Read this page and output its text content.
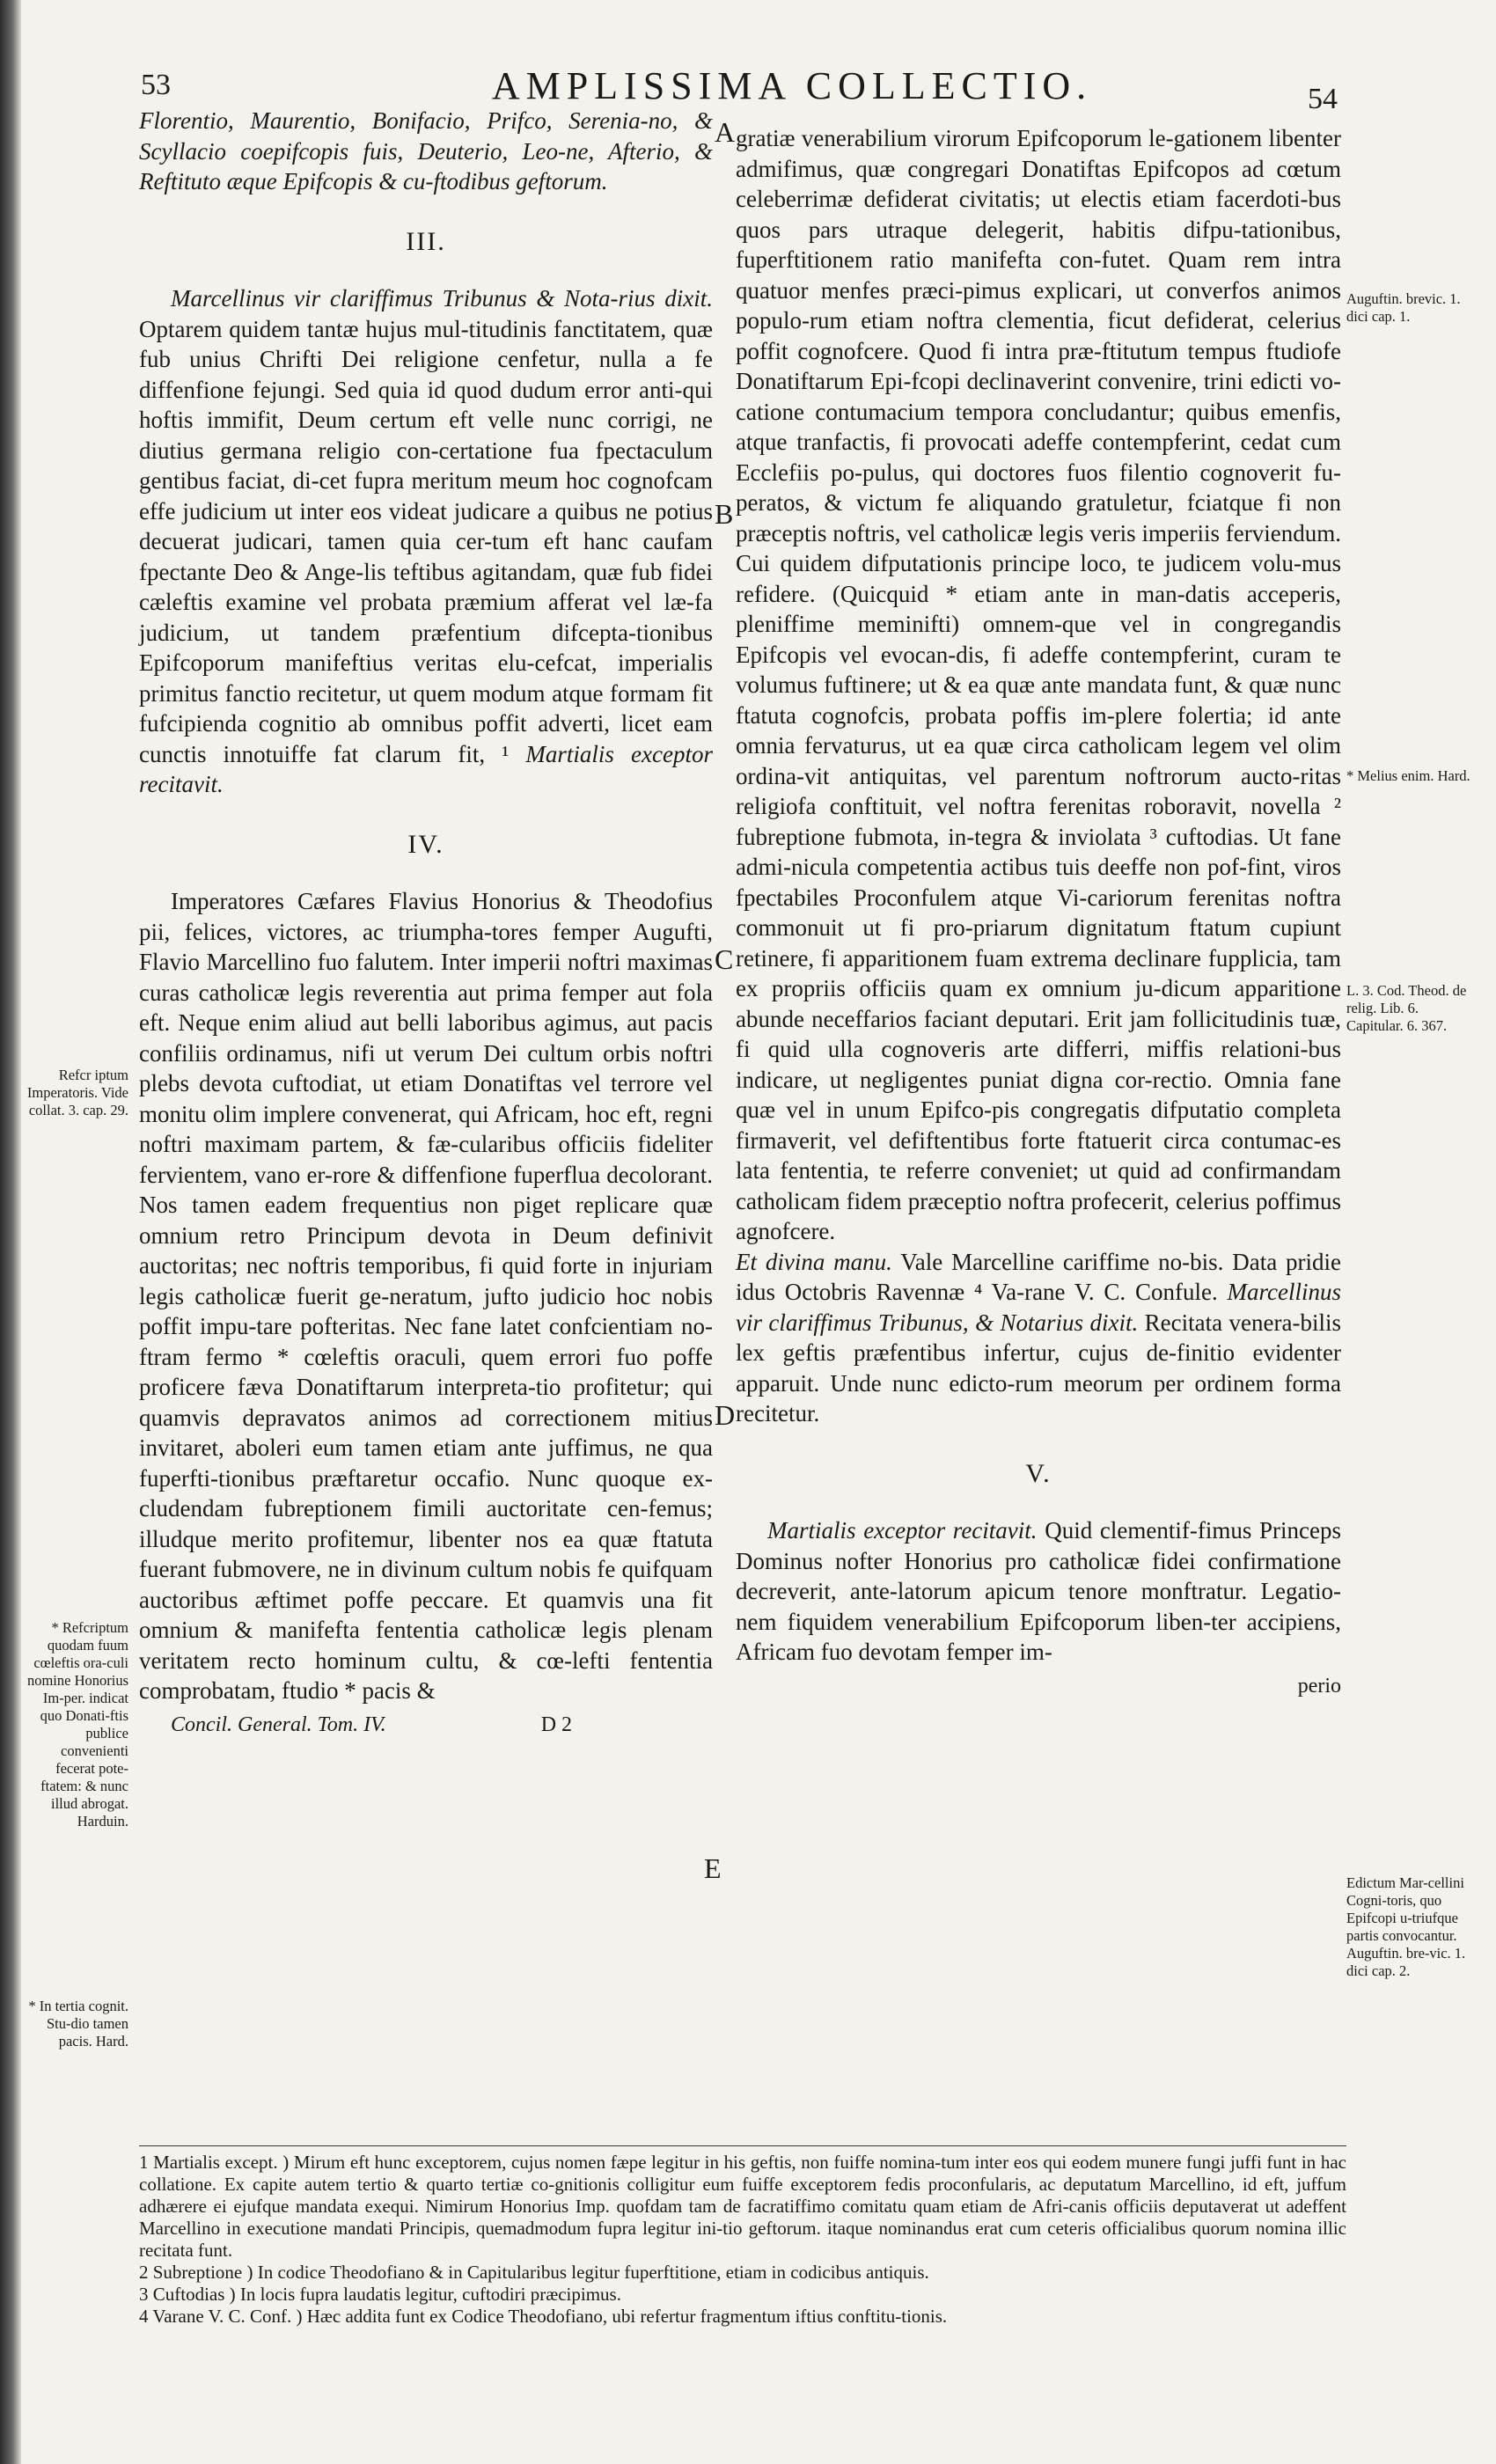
53	AMPLISSIMA COLLECTIO.	54

Florentio, Maurentio, Bonifacio, Prifco, Serenia-no, & Scyllacio coepifcopis fuis, Deuterio, Leo-ne, Afterio, & Reftituto æque Epifcopis & cu-ftodibus geftorum.

III.

Marcellinus vir clariffimus Tribunus & Nota-rius dixit. Optarem quidem tantæ hujus mul-titudinis fanctitatem, quæ fub unius Chrifti Dei religione cenfetur, nulla a fe diffenfione fejungi. Sed quia id quod dudum error anti-qui hoftis immifit, Deum certum eft velle nunc corrigi, ne diutius germana religio con-certatione fua fpectaculum gentibus faciat, di-cet fupra meritum meum hoc cognofcam effe judicium ut inter eos videat judicare a quibus ne potius decuerat judicari, tamen quia cer-tum eft hanc caufam fpectante Deo & Ange-lis teftibus agitandam, quæ fub fidei cæleftis examine vel probata præmium afferat vel læ-fa judicium, ut tandem præfentium difcepta-tionibus Epifcoporum manifeftius veritas elu-cefcat, imperialis primitus fanctio recitetur, ut quem modum atque formam fit fufcipienda cognitio ab omnibus poffit adverti, licet eam cunctis innotuiffe fat clarum fit, ¹ Martialis exceptor recitavit.

IV.

Imperatores Cæfares Flavius Honorius & Theodofius pii, felices, victores, ac triumpha-tores femper Augufti, Flavio Marcellino fuo falutem. Inter imperii noftri maximas curas catholicæ legis reverentia aut prima femper aut fola eft. Neque enim aliud aut belli laboribus agimus, aut pacis confiliis ordinamus, nifi ut verum Dei cultum orbis noftri plebs devota cuftodiat, ut etiam Donatiftas vel terrore vel monitu olim implere convenerat, qui Africam, hoc eft, regni noftri maximam partem, & fæ-cularibus officiis fideliter fervientem, vano er-rore & diffenfione fuperflua decolorant. Nos tamen eadem frequentius non piget replicare quæ omnium retro Principum devota in Deum definivit auctoritas; nec noftris temporibus, fi quid forte in injuriam legis catholicæ fuerit ge-neratum, jufto judicio hoc nobis poffit impu-tare pofteritas. Nec fane latet confcientiam no-ftram fermo * cœleftis oraculi, quem errori fuo poffe proficere fæva Donatiftarum interpreta-tio profitetur; qui quamvis depravatos animos ad correctionem mitius invitaret, aboleri eum tamen etiam ante juffimus, ne qua fuperfti-tionibus præftaretur occafio. Nunc quoque ex-cludendam fubreptionem fimili auctoritate cen-femus; illudque merito profitemur, libenter nos ea quæ ftatuta fuerant fubmovere, ne in divinum cultum nobis fe quifquam auctoribus æftimet poffe peccare. Et quamvis una fit omnium & manifefta fententia catholicæ legis plenam veritatem recto hominum cultu, & cœ-lefti fententia comprobatam, ftudio * pacis &

Concil. General. Tom. IV.	D 2

gratiæ venerabilium virorum Epifcoporum le-gationem libenter admifimus, quæ congregari Donatiftas Epifcopos ad cœtum celeberrimæ defiderat civitatis; ut electis etiam facerdoti-bus quos pars utraque delegerit, habitis difpu-tationibus, fuperftitionem ratio manifefta con-futet. Quam rem intra quatuor menfes præci-pimus explicari, ut converfos animos populo-rum etiam noftra clementia, ficut defiderat, celerius poffit cognofcere. Quod fi intra præ-ftitutum tempus ftudiofe Donatiftarum Epi-fcopi declinaverint convenire, trini edicti vo-catione contumacium tempora concludantur; quibus emenfis, atque tranfactis, fi provocati adeffe contempferint, cedat cum Ecclefiis po-pulus, qui doctores fuos filentio cognoverit fu-peratos, & victum fe aliquando gratuletur, fciatque fi non præceptis noftris, vel catholicæ legis veris imperiis ferviendum. Cui quidem difputationis principe loco, te judicem volu-mus refidere. (Quicquid * etiam ante in man-datis acceperis, pleniffime meminifti) omnem-que vel in congregandis Epifcopis vel evocan-dis, fi adeffe contempferint, curam te volumus fuftinere; ut & ea quæ ante mandata funt, & quæ nunc ftatuta cognofcis, probata poffis im-plere folertia; id ante omnia fervaturus, ut ea quæ circa catholicam legem vel olim ordina-vit antiquitas, vel parentum noftrorum aucto-ritas religiofa conftituit, vel noftra ferenitas roboravit, novella ² fubreptione fubmota, in-tegra & inviolata ³ cuftodias. Ut fane admi-nicula competentia actibus tuis deeffe non pof-fint, viros fpectabiles Proconfulem atque Vi-cariorum ferenitas noftra commonuit ut fi pro-priarum dignitatum ftatum cupiunt retinere, fi apparitionem fuam extrema declinare fupplicia, tam ex propriis officiis quam ex omnium ju-dicum apparitione abunde neceffarios faciant deputari. Erit jam follicitudinis tuæ, fi quid ulla cognoveris arte differri, miffis relationi-bus indicare, ut negligentes puniat digna cor-rectio. Omnia fane quæ vel in unum Epifco-pis congregatis difputatio completa firmaverit, vel defiftentibus forte ftatuerit circa contumac-es lata fententia, te referre conveniet; ut quid ad confirmandam catholicam fidem præceptio noftra profecerit, celerius poffimus agnofcere.

Et divina manu. Vale Marcelline cariffime no-bis. Data pridie idus Octobris Ravennæ ⁴ Va-rane V. C. Confule. Marcellinus vir clariffimus Tribunus, & Notarius dixit. Recitata venera-bilis lex geftis præfentibus infertur, cujus de-finitio evidenter apparuit. Unde nunc edicto-rum meorum per ordinem forma recitetur.

V.

Martialis exceptor recitavit. Quid clementif-fimus Princeps Dominus nofter Honorius pro catholicæ fidei confirmatione decreverit, ante-latorum apicum tenore monftratur. Legatio-nem fiquidem venerabilium Epifcoporum liben-ter accipiens, Africam fuo devotam femper im-

perio
A
B
C
D
E
Refcr iptum Imperatoris. Vide collat. 3. cap. 29.
* Refcriptum quodam fuum cœleftis ora-culi nomine Honorius Im-per. indicat quo Donati-ftis publice convenienti fecerat pote-ftatem: & nunc illud abrogat. Harduin.
* In tertia cognit. Stu-dio tamen pacis. Hard.
Auguftin. brevic. 1. dici cap. 1.
* Melius enim. Hard.
L. 3. Cod. Theod. de relig. Lib. 6. Capitular. 6. 367.
Edictum Mar-cellini Cogni-toris, quo Epifcopi u-triufque partis convocantur. Auguftin. bre-vic. 1. dici cap. 2.

1 Martialis except. ) Mirum eft hunc exceptorem, cujus nomen fæpe legitur in his geftis, non fuiffe nomina-tum inter eos qui eodem munere fungi juffi funt in hac collatione. Ex capite autem tertio & quarto tertiæ co-gnitionis colligitur eum fuiffe exceptorem fedis proconfularis, ac deputatum Marcellino, id eft, juffum adhærere ei ejufque mandata exequi. Nimirum Honorius Imp. quofdam tam de facratiffimo comitatu quam etiam de Afri-canis officiis deputaverat ut adeffent Marcellino in executione mandati Principis, quemadmodum fupra legitur ini-tio geftorum. itaque nominandus erat cum ceteris officialibus quorum nomina illic recitata funt.

2 Subreptione ) In codice Theodofiano & in Capitularibus legitur fuperftitione, etiam in codicibus antiquis.

3 Cuftodias ) In locis fupra laudatis legitur, cuftodiri præcipimus.

4 Varane V. C. Conf. ) Hæc addita funt ex Codice Theodofiano, ubi refertur fragmentum iftius conftitu-tionis.
